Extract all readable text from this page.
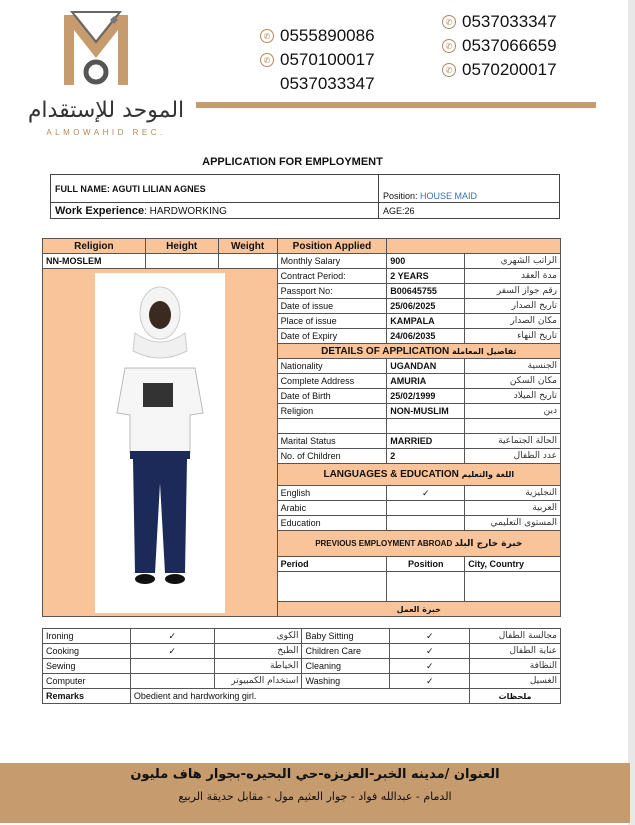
الموحد للإستقدام
ALMOWAHID REC.
✆ 0555890086
✆ 0570100017
0537033347
✆ 0537033347
✆ 0537066659
✆ 0570200017
APPLICATION FOR EMPLOYMENT
FULL NAME: AGUTI LILIAN AGNES	Position: HOUSE MAID
Work Experience: HARDWORKING	AGE:26
Religion	Height	Weight	Position Applied		
NN-MOSLEM			Monthly Salary	900	الراتب الشهري

	Contract Period:	2 YEARS	مدة العقد
			Passport No:	B00645755	رقم جواز السفر
			Date of issue	25/06/2025	تاريخ الصدار
			Place of issue	KAMPALA	مكان الصدار
			Date of Expiry	24/06/2035	تاريخ النهاء
			DETAILS OF APPLICATION تفاصيل المعاملة		
			Nationality	UGANDAN	الجنسية
			Complete Address	AMURIA	مكان السكن
			Date of Birth	25/02/1999	تاريخ الميلاد
			Religion	NON-MUSLIM	دين

			Marital Status	MARRIED	الحالة الجتماعية
			No. of Children	2	عدد الطفال
			LANGUAGES & EDUCATION اللغة والتعليم		
			English	✓	النجليزية
			Arabic		العربية
			Education		المستوى التعليمي
			PREVIOUS EMPLOYMENT ABROAD خبرة خارج البلد		
			Period	Position	City, Country

			خبرة العمل		
Ironing	✓	الكوى	Baby Sitting	✓	مجالسة الطفال
Cooking	✓	الطبخ	Children Care	✓	عناية الطفال
Sewing		الخياطة	Cleaning	✓	النظافة
Computer		استخدام الكمبيوتر	Washing	✓	الغسيل
Remarks	Obedient and hardworking girl.				ملحظات
العنوان /مدينه الخبر-العزيزه-حي البحيره-بجوار هاف مليون
الدمام - عبدالله فواد - جوار العثيم مول - مقابل حديقة الربيع
